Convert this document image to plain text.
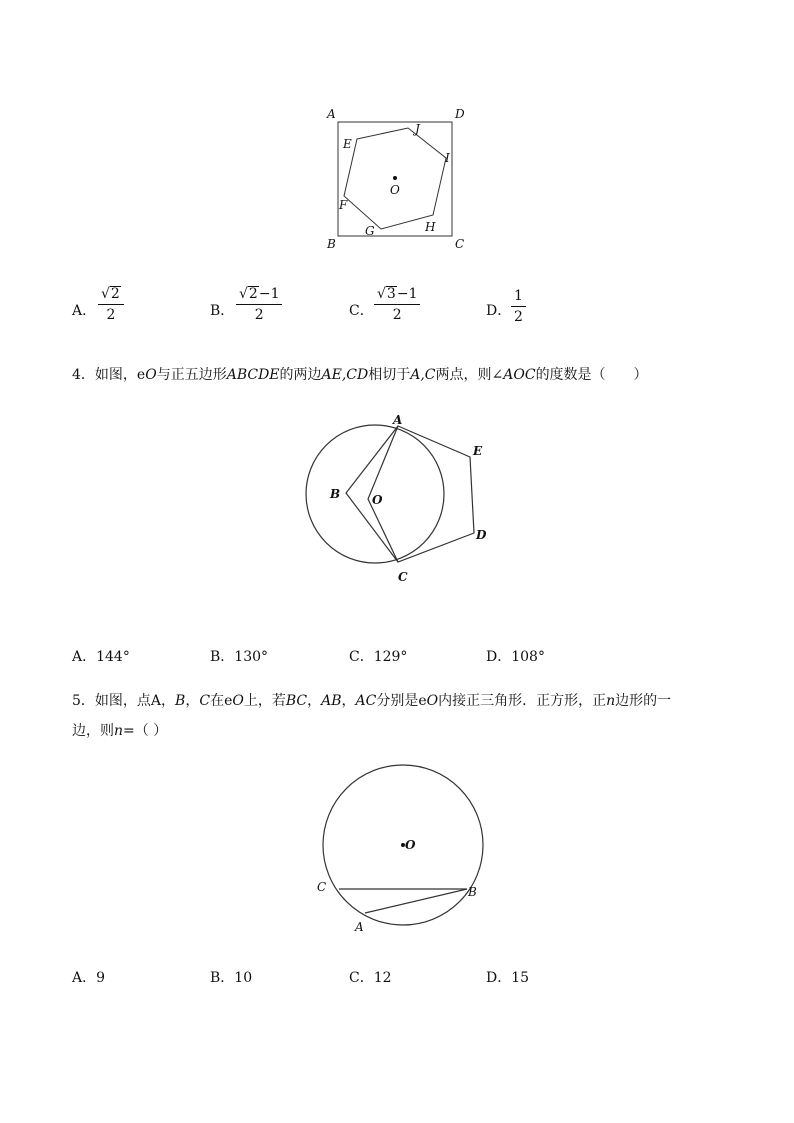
A	D
B	C
E
J
I
F
G	H
O
A． $\frac{√2}{2}$	B． $\frac{√2-1}{2}$	C． $\frac{√3-1}{2}$	D． $\frac{1}{2}$
4．如图，eO与正五边形ABCDE的两边AE,CD相切于A,C两点，则∠AOC的度数是（　　）
A
E
B	O
D
C
A．144°	B．130°	C．129°	D．108°
5．如图，点A，B，C在eO上，若BC，AB，AC分别是eO内接正三角形．正方形，正n边形的一
边，则n=（ ）
O
C	B
A
A．9	B．10	C．12	D．15
